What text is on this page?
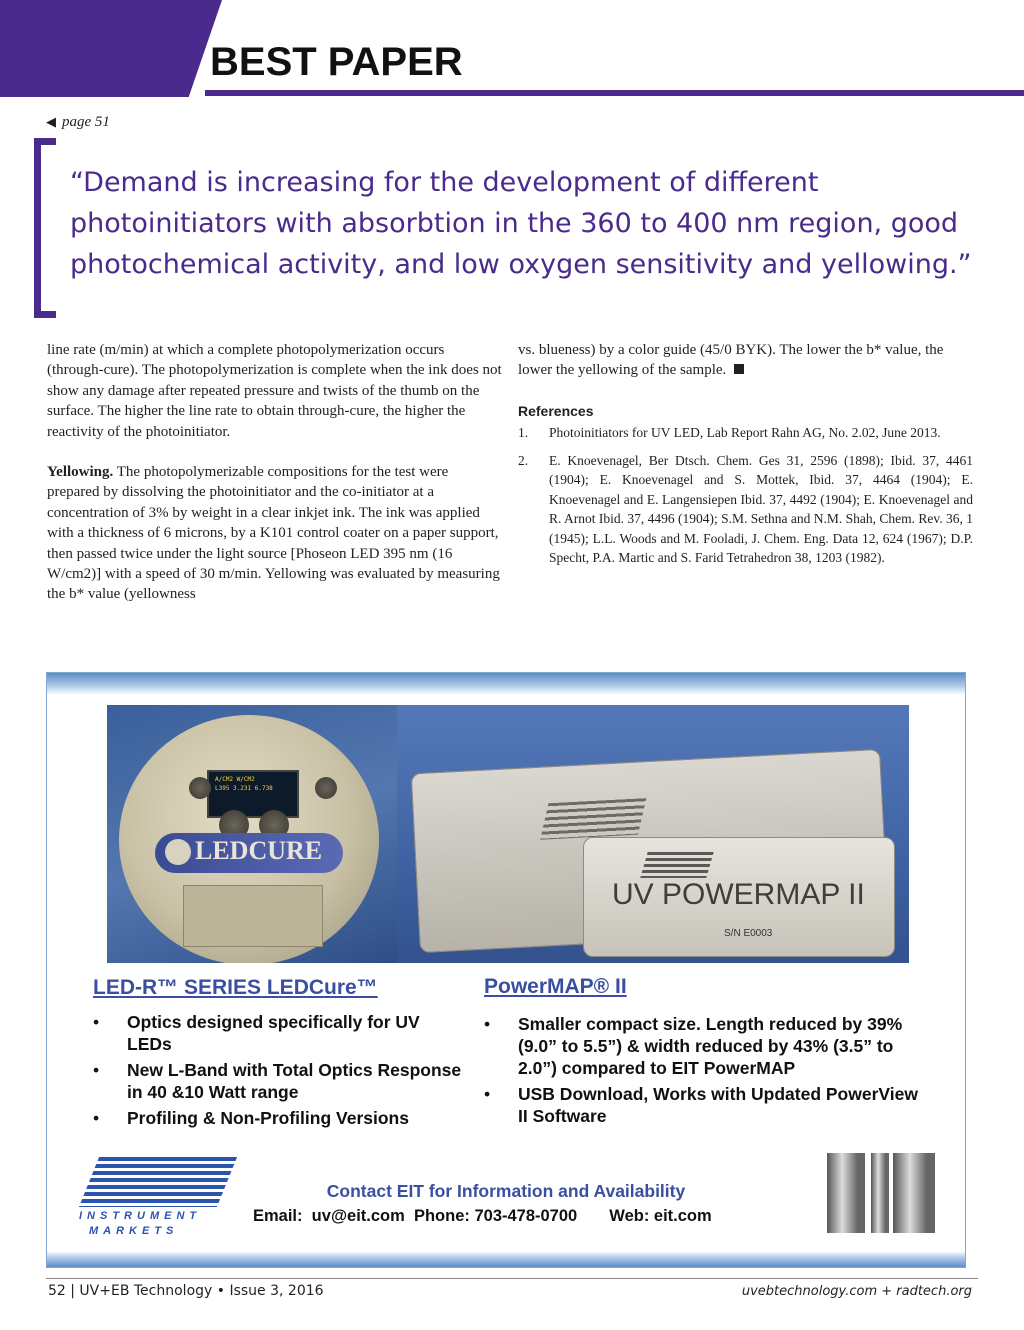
BEST PAPER
◀ page 51
“Demand is increasing for the development of different photoinitiators with absorbtion in the 360 to 400 nm region, good photochemical activity, and low oxygen sensitivity and yellowing.”

line rate (m/min) at which a complete photopolymerization occurs (through-cure). The photopolymerization is complete when the ink does not show any damage after repeated pressure and twists of the thumb on the surface. The higher the line rate to obtain through-cure, the higher the reactivity of the photoinitiator.

Yellowing. The photopolymerizable compositions for the test were prepared by dissolving the photoinitiator and the co-initiator at a concentration of 3% by weight in a clear inkjet ink. The ink was applied with a thickness of 6 microns, by a K101 control coater on a paper support, then passed twice under the light source [Phoseon LED 395 nm (16 W/cm2)] with a speed of 30 m/min. Yellowing was evaluated by measuring the b* value (yellowness

vs. blueness) by a color guide (45/0 BYK). The lower the b* value, the lower the yellowing of the sample.

References
1.	Photoinitiators for UV LED, Lab Report Rahn AG, No. 2.02, June 2013.
2.	E. Knoevenagel, Ber Dtsch. Chem. Ges 31, 2596 (1898); Ibid. 37, 4461 (1904); E. Knoevenagel and S. Mottek, Ibid. 37, 4464 (1904); E. Knoevenagel and E. Langensiepen Ibid. 37, 4492 (1904); E. Knoevenagel and R. Arnot Ibid. 37, 4496 (1904); S.M. Sethna and N.M. Shah, Chem. Rev. 36, 1 (1945); L.L. Woods and M. Fooladi, J. Chem. Eng. Data 12, 624 (1967); D.P. Specht, P.A. Martic and S. Farid Tetrahedron 38, 1203 (1982).
A/CM2 W/CM2
L395 3.231 6.738
LEDCURE
UV POWERMAP II
S/N E0003
LED-R™ SERIES LEDCure™
• Optics designed specifically for UV LEDs
• New L-Band with Total Optics Response in 40 &10 Watt range
• Profiling & Non-Profiling Versions
PowerMAP® II
• Smaller compact size. Length reduced by 39% (9.0” to 5.5”) & width reduced by 43% (3.5” to 2.0”) compared to EIT PowerMAP
• USB Download, Works with Updated PowerView II Software
INSTRUMENT
MARKETS
Contact EIT for Information and Availability
Email:  uv@eit.com  Phone: 703-478-0700       Web: eit.com
52 | UV+EB Technology • Issue 3, 2016	uvebtechnology.com + radtech.org
